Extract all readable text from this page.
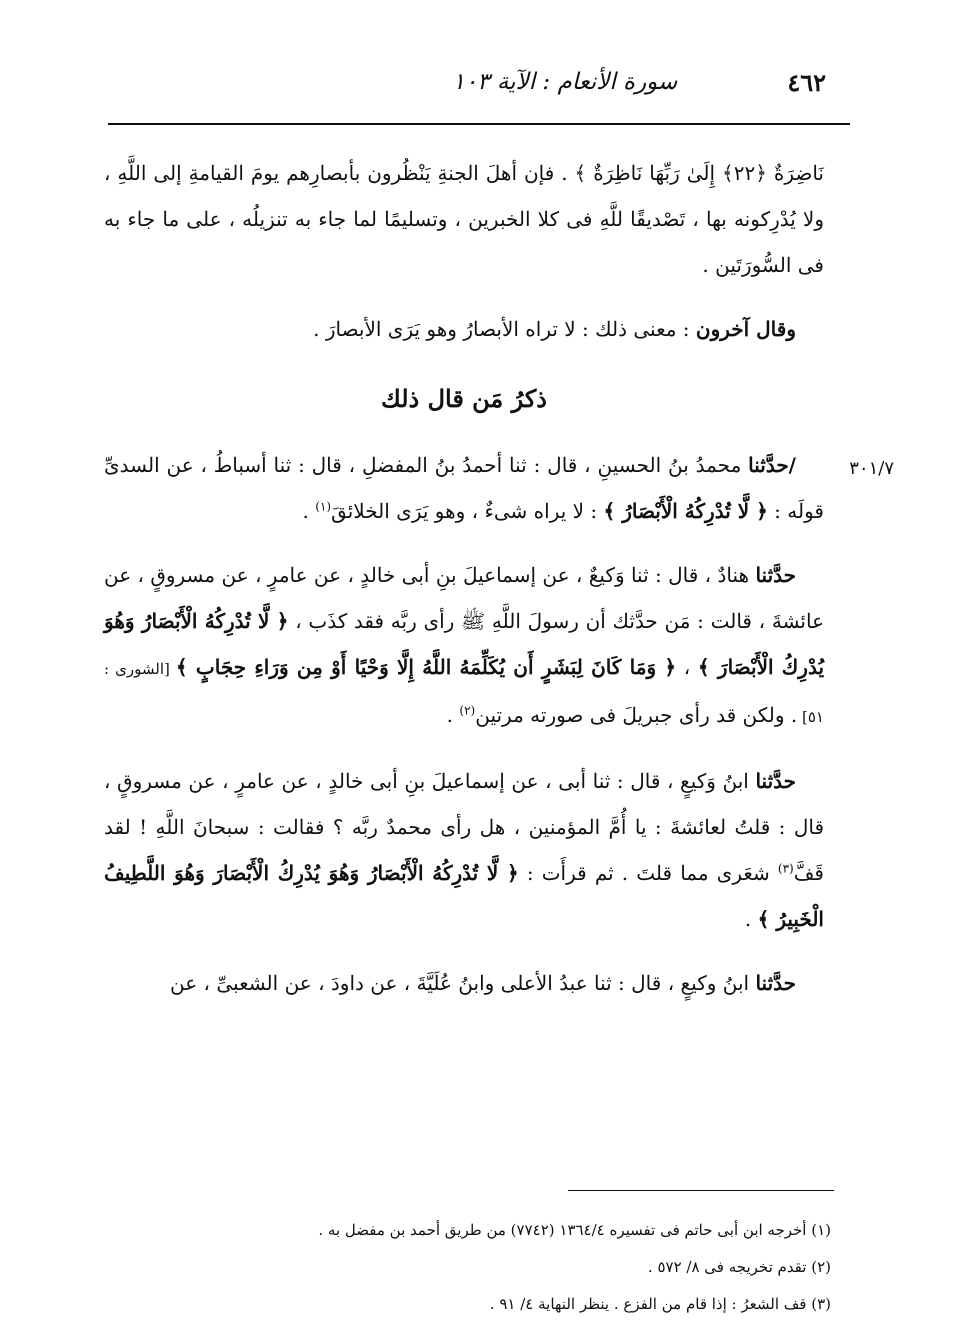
٤٦٢
سورة الأنعام : الآية ١٠٣
٣٠١/٧

نَاضِرَةٌ ﴿٢٢﴾ إِلَىٰ رَبِّهَا نَاظِرَةٌ ﴾ . فإن أهلَ الجنةِ يَنْظُرون بأبصارِهم يومَ القيامةِ إلى اللَّهِ ، ولا يُدْرِكونه بها ، تَصْديقًا للَّهِ فى كلا الخبرين ، وتسليمًا لما جاء به تنزيلُه ، على ما جاء به فى السُّورَتَين .

وقال آخرون : معنى ذلك : لا تراه الأبصارُ وهو يَرَى الأبصارَ .

ذكرُ مَن قال ذلك

/حدَّثنا محمدُ بنُ الحسينِ ، قال : ثنا أحمدُ بنُ المفضلِ ، قال : ثنا أسباطُ ، عن السدىِّ قولَه : ﴿ لَّا تُدْرِكُهُ الْأَبْصَارُ ﴾ : لا يراه شىءٌ ، وهو يَرَى الخلائقَ$^{(١)}$ .

حدَّثنا هنادٌ ، قال : ثنا وَكيعٌ ، عن إسماعيلَ بنِ أبى خالدٍ ، عن عامرٍ ، عن مسروقٍ ، عن عائشةَ ، قالت : مَن حدَّثك أن رسولَ اللَّهِ ﷺ رأى ربَّه فقد كذَب ، ﴿ لَّا تُدْرِكُهُ الْأَبْصَارُ وَهُوَ يُدْرِكُ الْأَبْصَارَ ﴾ ، ﴿ وَمَا كَانَ لِبَشَرٍ أَن يُكَلِّمَهُ اللَّهُ إِلَّا وَحْيًا أَوْ مِن وَرَاءِ حِجَابٍ ﴾ [الشورى : ٥١] . ولكن قد رأى جبريلَ فى صورته مرتين$^{(٢)}$ .

حدَّثنا ابنُ وَكيعٍ ، قال : ثنا أبى ، عن إسماعيلَ بنِ أبى خالدٍ ، عن عامرٍ ، عن مسروقٍ ، قال : قلتُ لعائشةَ : يا أُمَّ المؤمنين ، هل رأى محمدٌ ربَّه ؟ فقالت : سبحانَ اللَّهِ ! لقد قَفَّ$^{(٣)}$ شعَرى مما قلتَ . ثم قرأَت : ﴿ لَّا تُدْرِكُهُ الْأَبْصَارُ وَهُوَ يُدْرِكُ الْأَبْصَارَ وَهُوَ اللَّطِيفُ الْخَبِيرُ ﴾ .

حدَّثنا ابنُ وكيعٍ ، قال : ثنا عبدُ الأعلى وابنُ عُلَيَّةَ ، عن داودَ ، عن الشعبىِّ ، عن

(١) أخرجه ابن أبى حاتم فى تفسيره ١٣٦٤/٤ (٧٧٤٢) من طريق أحمد بن مفضل به .

(٢) تقدم تخريجه فى ٨/ ٥٧٢ .

(٣) قف الشعرُ : إذا قام من الفزع . ينظر النهاية ٤/ ٩١ .
